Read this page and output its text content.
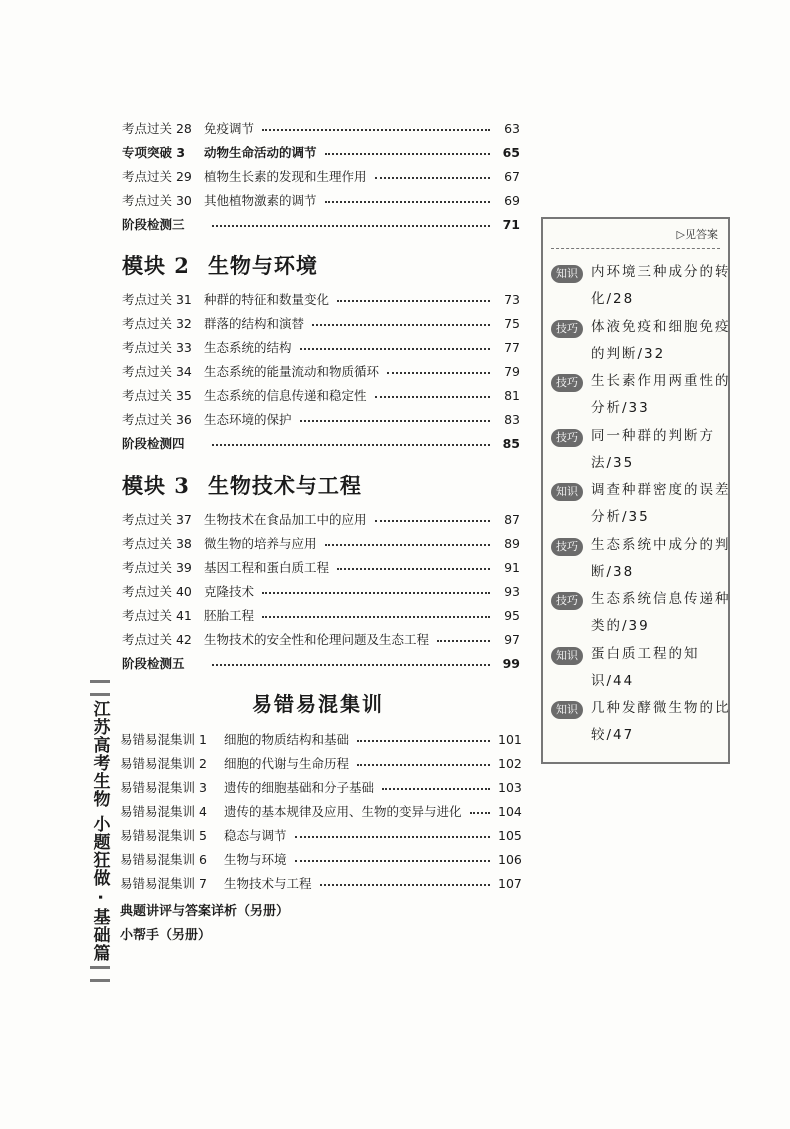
考点过关 28 免疫调节	63
专项突破 3	动物生命活动的调节	65
考点过关 29 植物生长素的发现和生理作用	67
考点过关 30 其他植物激素的调节	69
阶段检测三	71
模块 2 生物与环境
考点过关 31 种群的特征和数量变化	73
考点过关 32 群落的结构和演替	75
考点过关 33 生态系统的结构	77
考点过关 34 生态系统的能量流动和物质循环	79
考点过关 35 生态系统的信息传递和稳定性	81
考点过关 36 生态环境的保护	83
阶段检测四	85
模块 3 生物技术与工程
考点过关 37 生物技术在食品加工中的应用	87
考点过关 38 微生物的培养与应用	89
考点过关 39 基因工程和蛋白质工程	91
考点过关 40 克隆技术	93
考点过关 41 胚胎工程	95
考点过关 42 生物技术的安全性和伦理问题及生态工程	97
阶段检测五	99
易错易混集训
易错易混集训 1	细胞的物质结构和基础	101
易错易混集训 2	细胞的代谢与生命历程	102
易错易混集训 3	遗传的细胞基础和分子基础	103
易错易混集训 4	遗传的基本规律及应用、生物的变异与进化	104
易错易混集训 5	稳态与调节	105
易错易混集训 6	生物与环境	106
易错易混集训 7	生物技术与工程	107
典题讲评与答案详析（另册）
小帮手（另册）
江苏高考生物 小题狂做 · 基础篇
▷见答案
知识 内环境三种成分的转化/28
技巧 体液免疫和细胞免疫的判断/32
技巧 生长素作用两重性的分析/33
技巧 同一种群的判断方法/35
知识 调查种群密度的误差分析/35
技巧 生态系统中成分的判断/38
技巧 生态系统信息传递种类的/39
知识 蛋白质工程的知识/44
知识 几种发酵微生物的比较/47
